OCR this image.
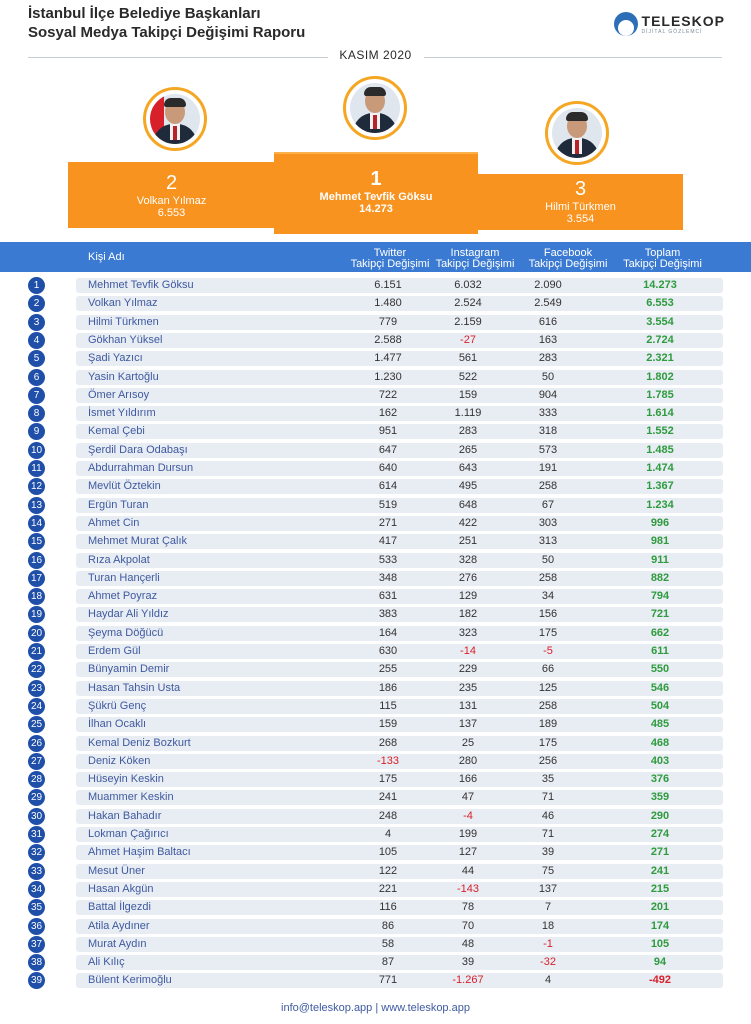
İstanbul İlçe Belediye Başkanları
Sosyal Medya Takipçi Değişimi Raporu
TELESKOP
DİJİTAL GÖZLEMCİ
KASIM 2020
2
Volkan Yılmaz
6.553
1
Mehmet Tevfik Göksu
14.273
3
Hilmi Türkmen
3.554
Kişi Adı	Twitter
Takipçi Değişimi
Instagram
Takipçi Değişimi
Facebook
Takipçi Değişimi
Toplam
Takipçi Değişimi
1	Mehmet Tevfik Göksu	6.151	6.032	2.090	14.273
2	Volkan Yılmaz	1.480	2.524	2.549	6.553
3	Hilmi Türkmen	779	2.159	616	3.554
4	Gökhan Yüksel	2.588	-27	163	2.724
5	Şadi Yazıcı	1.477	561	283	2.321
6	Yasin Kartoğlu	1.230	522	50	1.802
7	Ömer Arısoy	722	159	904	1.785
8	İsmet Yıldırım	162	1.119	333	1.614
9	Kemal Çebi	951	283	318	1.552
10	Şerdil Dara Odabaşı	647	265	573	1.485
11	Abdurrahman Dursun	640	643	191	1.474
12	Mevlüt Öztekin	614	495	258	1.367
13	Ergün Turan	519	648	67	1.234
14	Ahmet Cin	271	422	303	996
15	Mehmet Murat Çalık	417	251	313	981
16	Rıza Akpolat	533	328	50	911
17	Turan Hançerli	348	276	258	882
18	Ahmet Poyraz	631	129	34	794
19	Haydar Ali Yıldız	383	182	156	721
20	Şeyma Döğücü	164	323	175	662
21	Erdem Gül	630	-14	-5	611
22	Bünyamin Demir	255	229	66	550
23	Hasan Tahsin Usta	186	235	125	546
24	Şükrü Genç	115	131	258	504
25	İlhan Ocaklı	159	137	189	485
26	Kemal Deniz Bozkurt	268	25	175	468
27	Deniz Köken	-133	280	256	403
28	Hüseyin Keskin	175	166	35	376
29	Muammer Keskin	241	47	71	359
30	Hakan Bahadır	248	-4	46	290
31	Lokman Çağırıcı	4	199	71	274
32	Ahmet Haşim Baltacı	105	127	39	271
33	Mesut Üner	122	44	75	241
34	Hasan Akgün	221	-143	137	215
35	Battal İlgezdi	116	78	7	201
36	Atila Aydıner	86	70	18	174
37	Murat Aydın	58	48	-1	105
38	Ali Kılıç	87	39	-32	94
39	Bülent Kerimoğlu	771	-1.267	4	-492
info@teleskop.app | www.teleskop.app
